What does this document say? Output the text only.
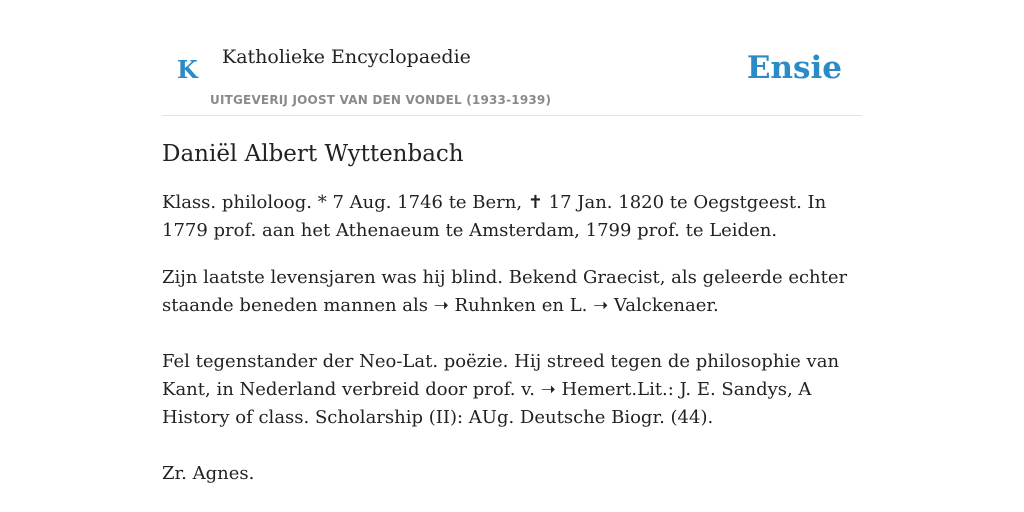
K Katholieke Encyclopaedie
UITGEVERIJ JOOST VAN DEN VONDEL (1933-1939)
Ensie
Daniël Albert Wyttenbach

Klass. philoloog. * 7 Aug. 1746 te Bern, ✝ 17 Jan. 1820 te Oegstgeest. In 1779 prof. aan het Athenaeum te Amsterdam, 1799 prof. te Leiden.

Zijn laatste levensjaren was hij blind. Bekend Graecist, als geleerde echter staande beneden mannen als ➝ Ruhnken en L. ➝ Valckenaer.

Fel tegenstander der Neo-Lat. poëzie. Hij streed tegen de philosophie van Kant, in Nederland verbreid door prof. v. ➝ Hemert.Lit.: J. E. Sandys, A History of class. Scholarship (II): AUg. Deutsche Biogr. (44).

Zr. Agnes.
